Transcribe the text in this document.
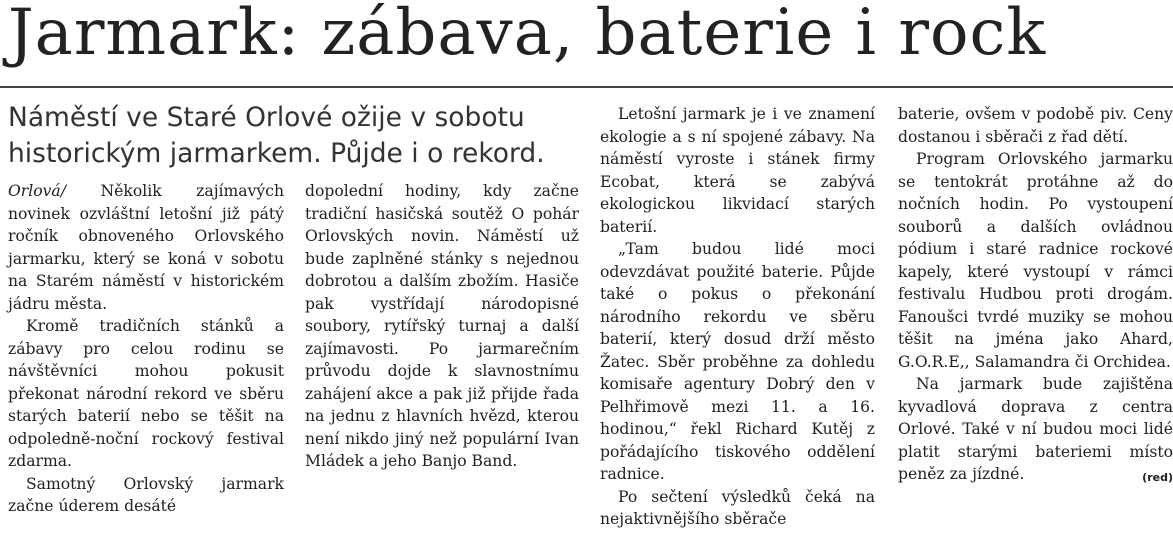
Jarmark: zábava, baterie i rock
Náměstí ve Staré Orlové ožije v sobotu historickým jarmarkem. Půjde i o rekord.

Orlová/ Několik zajímavých novinek ozvláštní letošní již pátý ročník obnoveného Orlovského jarmarku, který se koná v sobotu na Starém náměstí v historickém jádru města.

Kromě tradičních stánků a zábavy pro celou rodinu se návštěvníci mohou pokusit překonat národní rekord ve sběru starých baterií nebo se těšit na odpoledně-noční rockový festival zdarma.

Samotný Orlovský jarmark začne úderem desáté

dopolední hodiny, kdy začne tradiční hasičská soutěž O pohár Orlovských novin. Náměstí už bude zaplněné stánky s nejednou dobrotou a dalším zbožím. Hasiče pak vystřídají národopisné soubory, rytířský turnaj a další zajímavosti. Po jarmarečním průvodu dojde k slavnostnímu zahájení akce a pak již přijde řada na jednu z hlavních hvězd, kterou není nikdo jiný než populární Ivan Mládek a jeho Banjo Band.

Letošní jarmark je i ve znamení ekologie a s ní spojené zábavy. Na náměstí vyroste i stánek firmy Ecobat, která se zabývá ekologickou likvidací starých baterií.

„Tam budou lidé moci odevzdávat použité baterie. Půjde také o pokus o překonání národního rekordu ve sběru baterií, který dosud drží město Žatec. Sběr proběhne za dohledu komisaře agentury Dobrý den v Pelhřimově mezi 11. a 16. hodinou,“ řekl Richard Kutěj z pořádajícího tiskového oddělení radnice.

Po sečtení výsledků čeká na nejaktivnějšího sběrače

baterie, ovšem v podobě piv. Ceny dostanou i sběrači z řad dětí.

Program Orlovského jarmarku se tentokrát protáhne až do nočních hodin. Po vystoupení souborů a dalších ovládnou pódium i staré radnice rockové kapely, které vystoupí v rámci festivalu Hudbou proti drogám. Fanoušci tvrdé muziky se mohou těšit na jména jako Ahard, G.O.R.E,, Salamandra či Orchidea.

Na jarmark bude zajištěna kyvadlová doprava z centra Orlové. Také v ní budou moci lidé platit starými bateriemi místo peněz za jízdné.	(red)
